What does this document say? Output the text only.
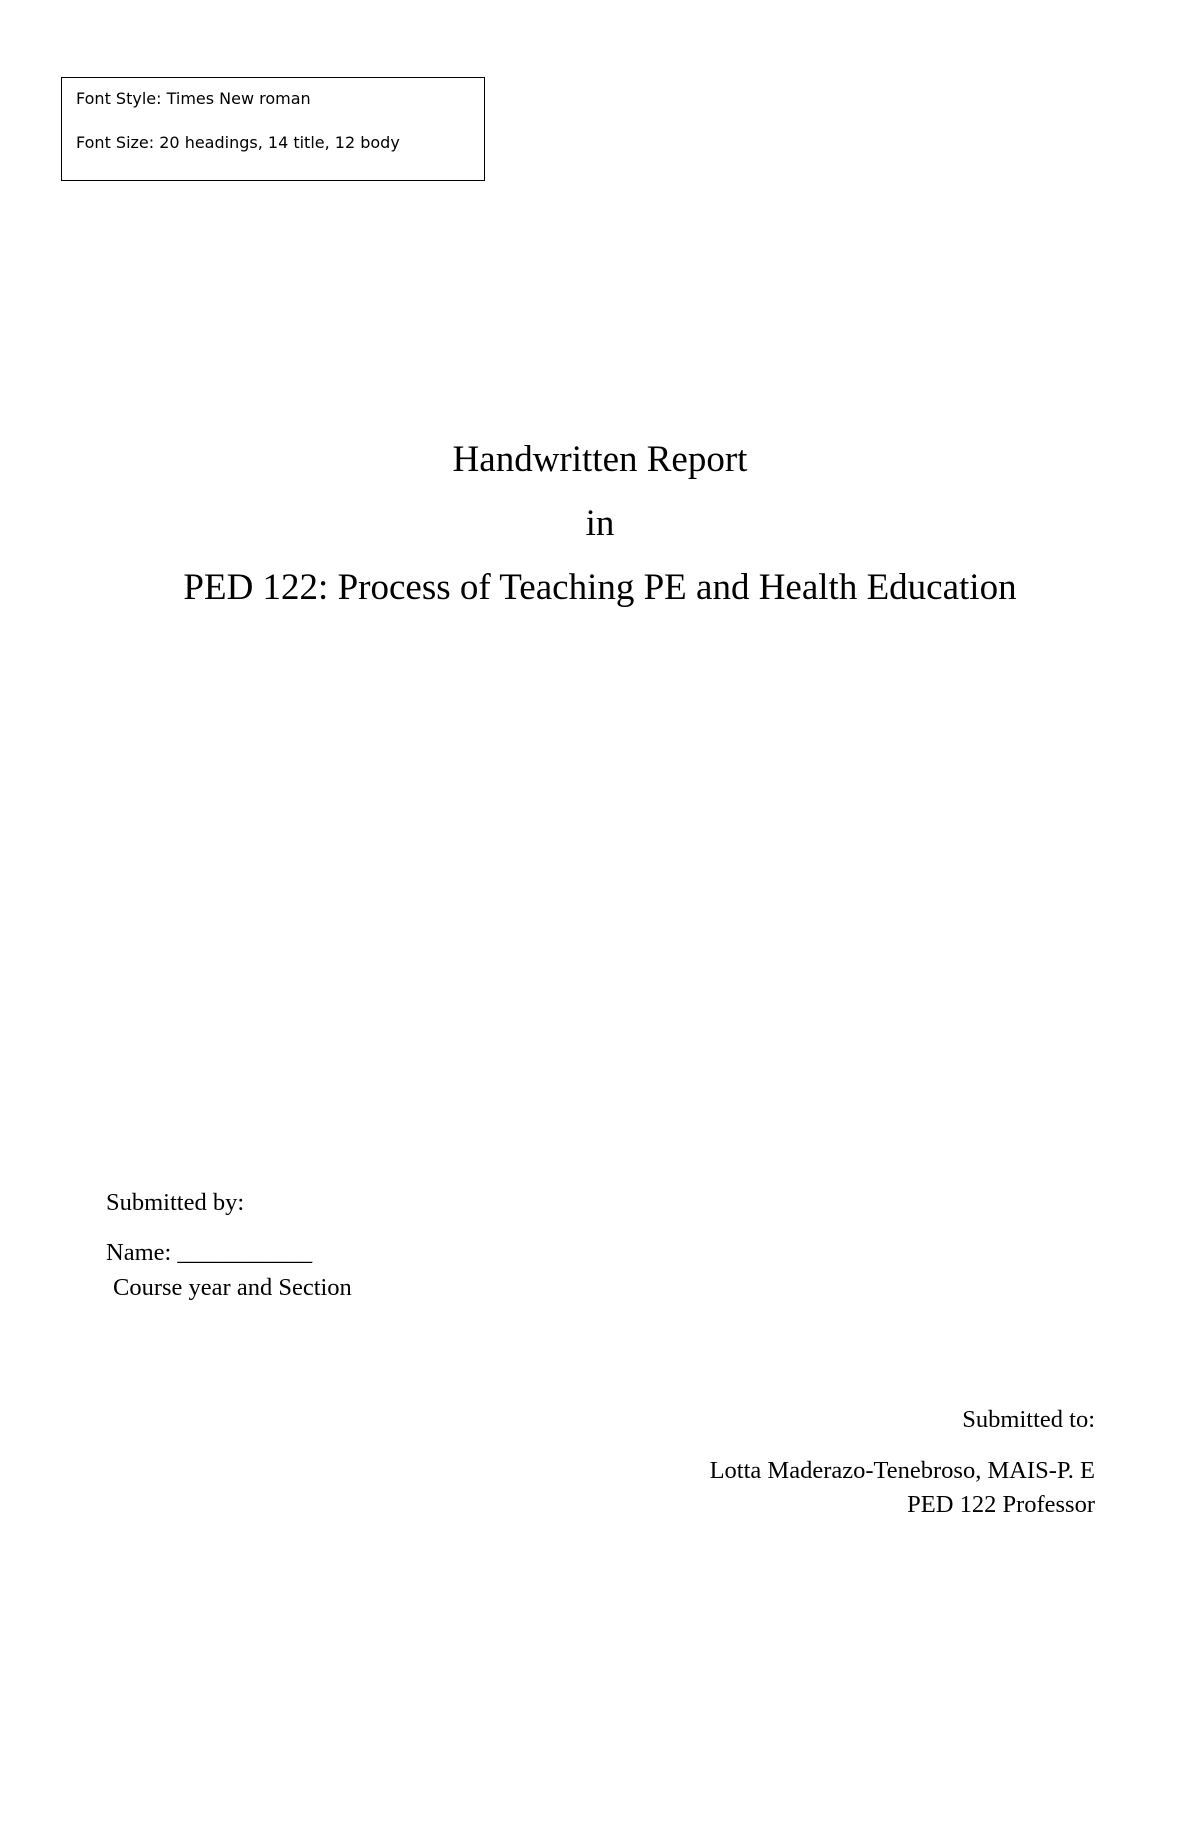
Font Style: Times New roman
Font Size: 20 headings, 14 title, 12 body
Handwritten Report
in
PED 122: Process of Teaching PE and Health Education
Submitted by:
Name: ___________
Course year and Section
Submitted to:
Lotta Maderazo-Tenebroso, MAIS-P. E
PED 122 Professor
